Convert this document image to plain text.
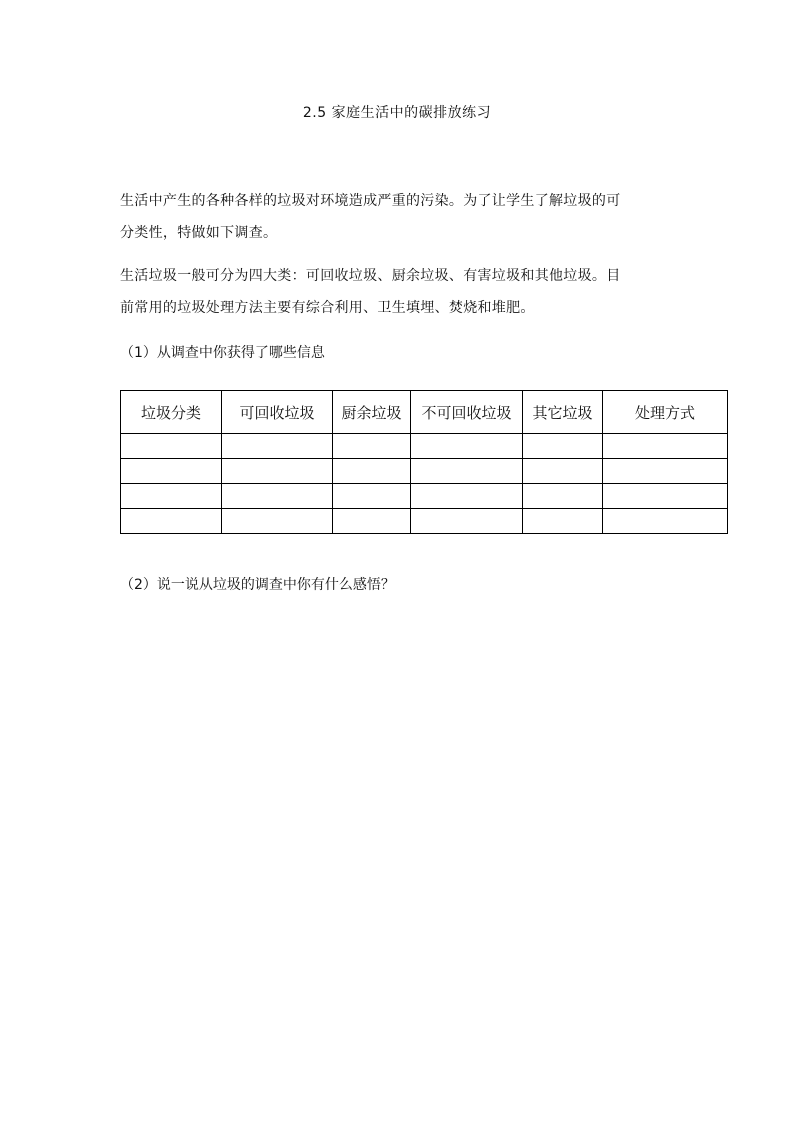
2.5 家庭生活中的碳排放练习
生活中产生的各种各样的垃圾对环境造成严重的污染。为了让学生了解垃圾的可
分类性，特做如下调查。
生活垃圾一般可分为四大类：可回收垃圾、厨余垃圾、有害垃圾和其他垃圾。目
前常用的垃圾处理方法主要有综合利用、卫生填埋、焚烧和堆肥。
（1）从调查中你获得了哪些信息
垃圾分类	可回收垃圾	厨余垃圾	不可回收垃圾	其它垃圾	处理方式

（2）说一说从垃圾的调查中你有什么感悟？
